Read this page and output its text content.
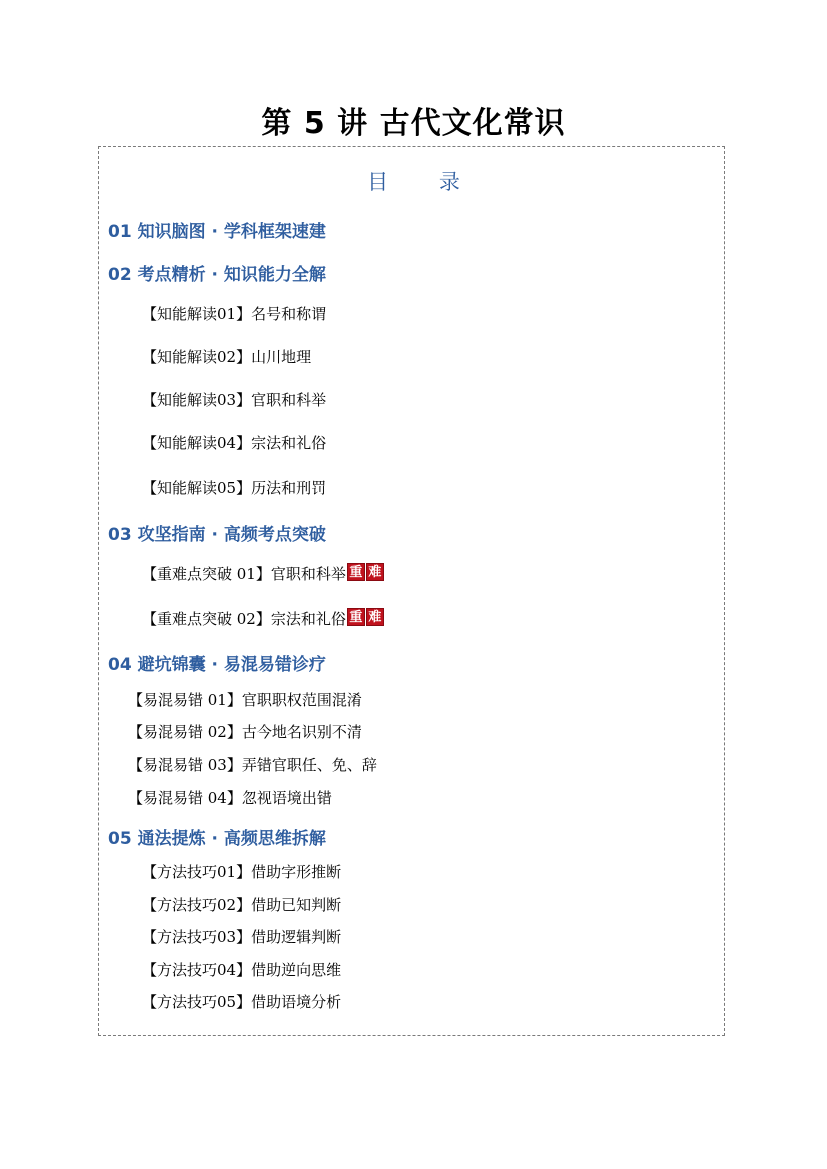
第 5 讲 古代文化常识
目 录
01 知识脑图 · 学科框架速建
02 考点精析 · 知识能力全解
【知能解读01】名号和称谓
【知能解读02】山川地理
【知能解读03】官职和科举
【知能解读04】宗法和礼俗
【知能解读05】历法和刑罚
03 攻坚指南 · 高频考点突破
【重难点突破 01】官职和科举 重 难
【重难点突破 02】宗法和礼俗 重 难
04 避坑锦囊 · 易混易错诊疗
【易混易错 01】官职职权范围混淆
【易混易错 02】古今地名识别不清
【易混易错 03】弄错官职任、免、辞
【易混易错 04】忽视语境出错
05 通法提炼 · 高频思维拆解
【方法技巧01】借助字形推断
【方法技巧02】借助已知判断
【方法技巧03】借助逻辑判断
【方法技巧04】借助逆向思维
【方法技巧05】借助语境分析
